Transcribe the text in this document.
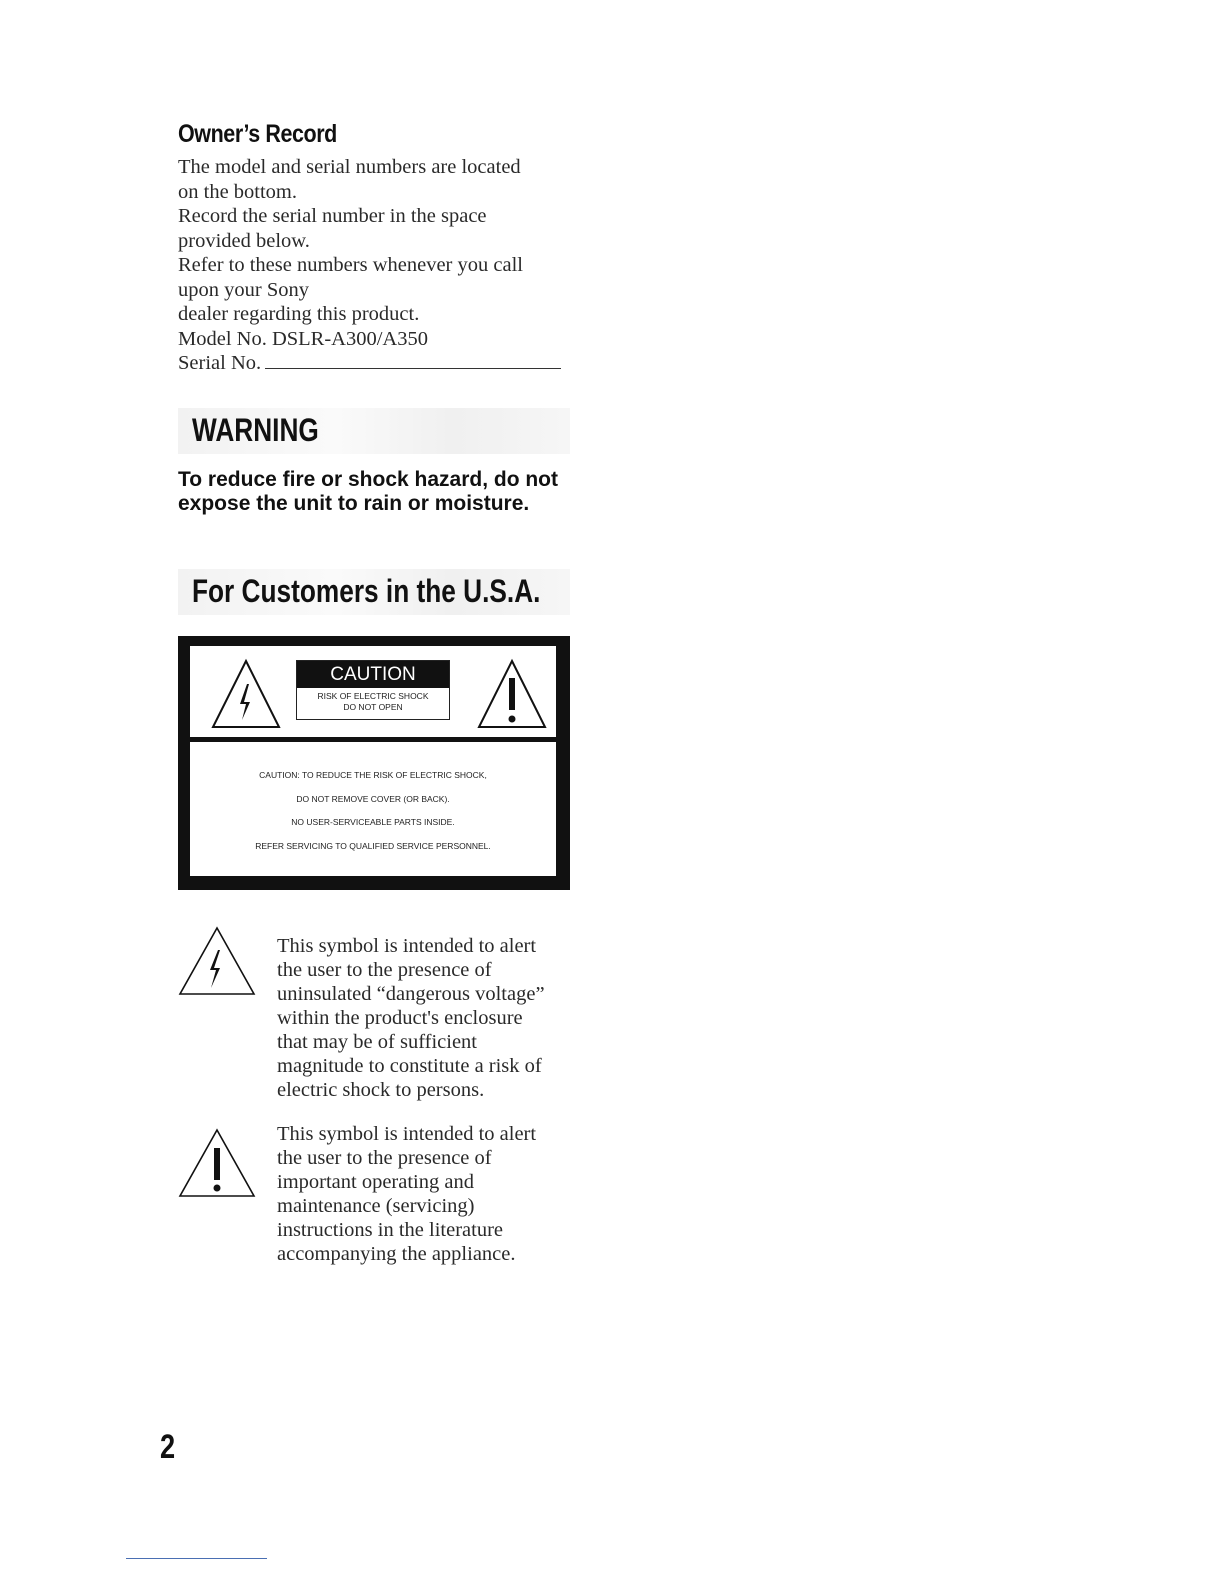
Owner’s Record
The model and serial numbers are located
on the bottom.
Record the serial number in the space
provided below.
Refer to these numbers whenever you call
upon your Sony
dealer regarding this product.
Model No. DSLR-A300/A350
Serial No.
WARNING

To reduce fire or shock hazard, do not expose the unit to rain or moisture.

For Customers in the U.S.A.
CAUTION
RISK OF ELECTRIC SHOCK
DO NOT OPEN
CAUTION: TO REDUCE THE RISK OF ELECTRIC SHOCK,
DO NOT REMOVE COVER (OR BACK).
NO USER-SERVICEABLE PARTS INSIDE.
REFER SERVICING TO QUALIFIED SERVICE PERSONNEL.
This symbol is intended to alert
the user to the presence of
uninsulated “dangerous voltage”
within the product's enclosure
that may be of sufficient
magnitude to constitute a risk of
electric shock to persons.
This symbol is intended to alert
the user to the presence of
important operating and
maintenance (servicing)
instructions in the literature
accompanying the appliance.
2
